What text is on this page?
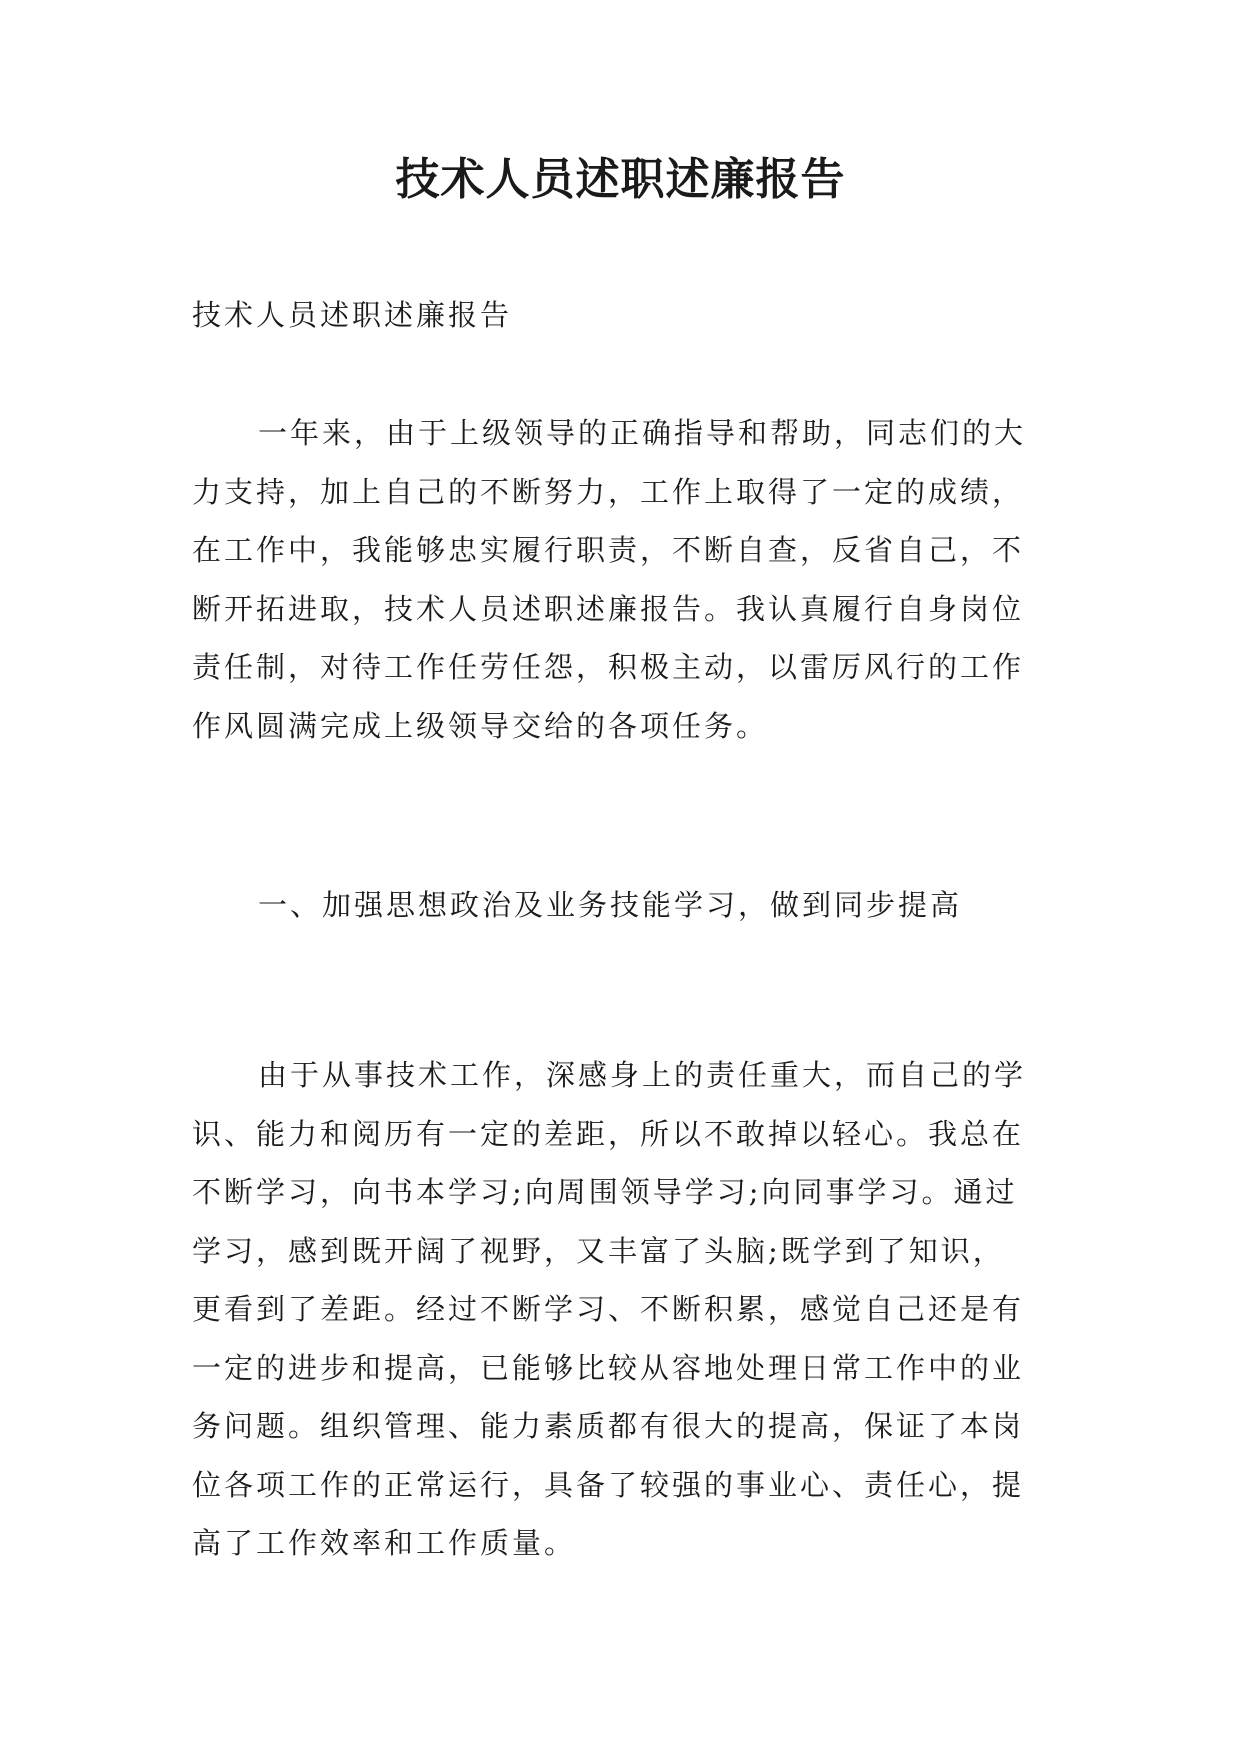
技术人员述职述廉报告

技术人员述职述廉报告

一年来，由于上级领导的正确指导和帮助，同志们的大
力支持，加上自己的不断努力，工作上取得了一定的成绩，
在工作中，我能够忠实履行职责，不断自查，反省自己，不
断开拓进取，技术人员述职述廉报告。我认真履行自身岗位
责任制，对待工作任劳任怨，积极主动，以雷厉风行的工作
作风圆满完成上级领导交给的各项任务。
一、加强思想政治及业务技能学习，做到同步提高
由于从事技术工作，深感身上的责任重大，而自己的学
识、能力和阅历有一定的差距，所以不敢掉以轻心。我总在
不断学习，向书本学习;向周围领导学习;向同事学习。通过
学习，感到既开阔了视野，又丰富了头脑;既学到了知识，
更看到了差距。经过不断学习、不断积累，感觉自己还是有
一定的进步和提高，已能够比较从容地处理日常工作中的业
务问题。组织管理、能力素质都有很大的提高，保证了本岗
位各项工作的正常运行，具备了较强的事业心、责任心，提
高了工作效率和工作质量。
